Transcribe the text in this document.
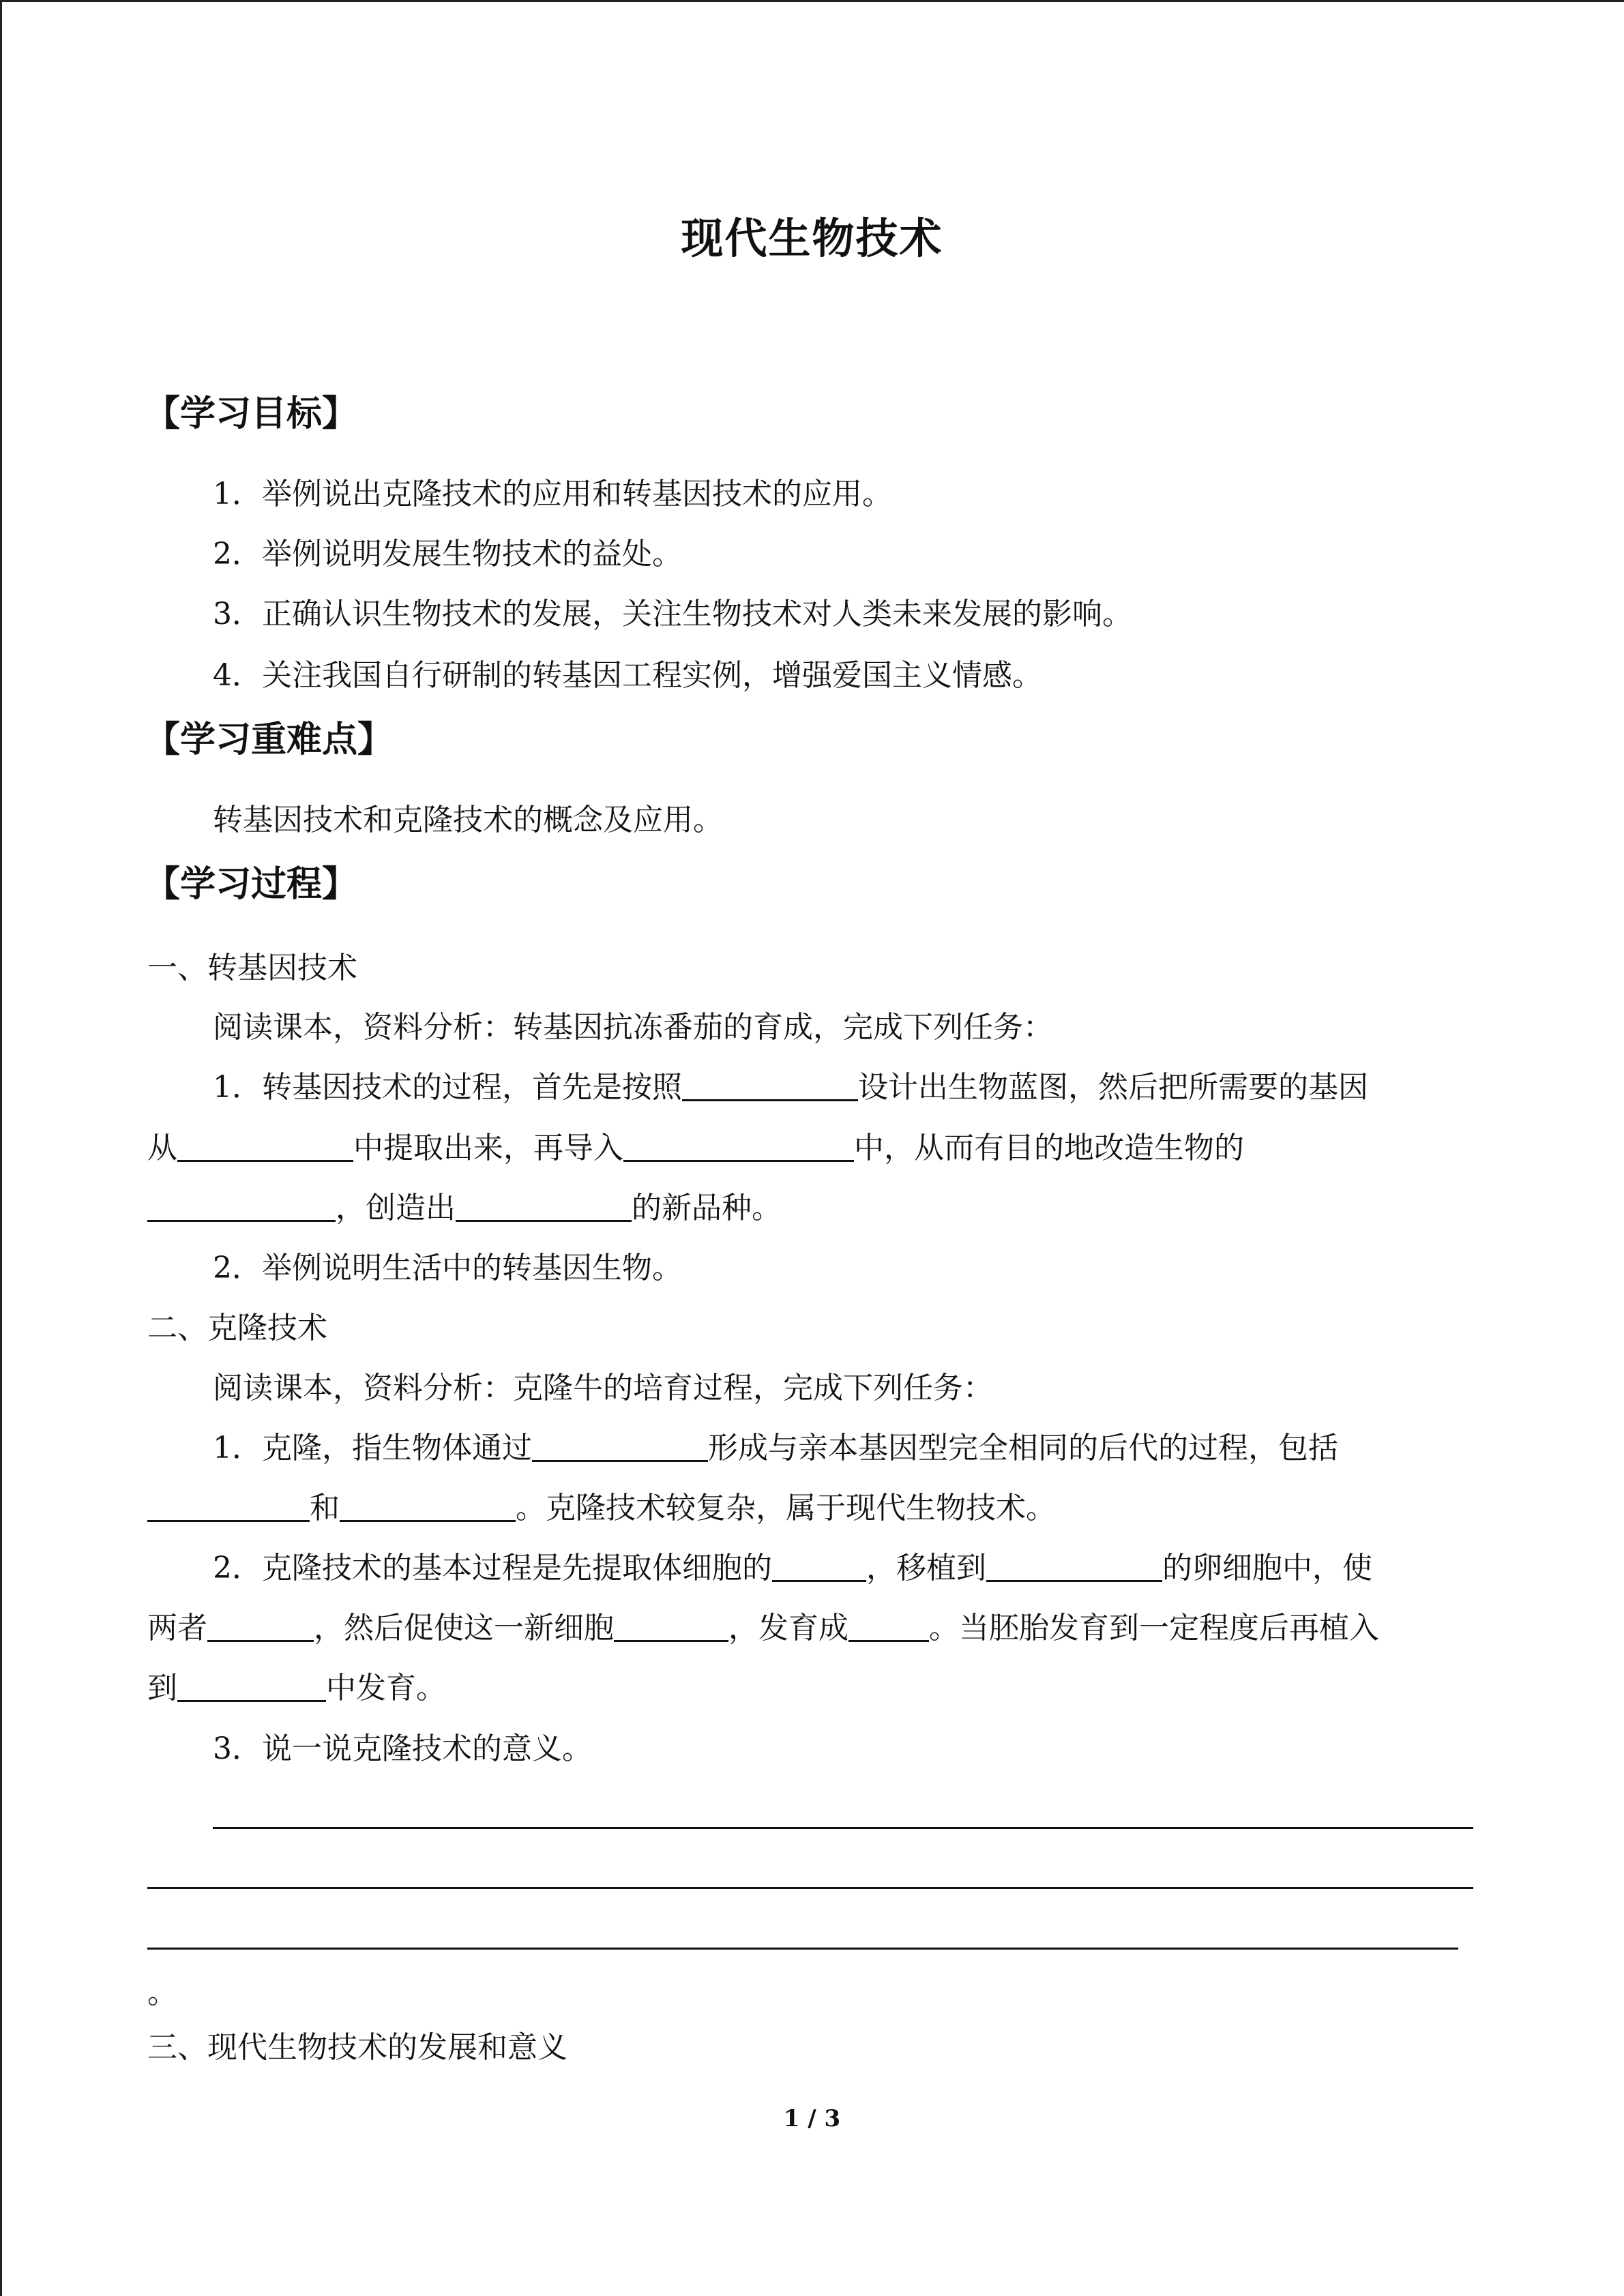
现代生物技术
【学习目标】
1．举例说出克隆技术的应用和转基因技术的应用。
2．举例说明发展生物技术的益处。
3．正确认识生物技术的发展，关注生物技术对人类未来发展的影响。
4．关注我国自行研制的转基因工程实例，增强爱国主义情感。
【学习重难点】
转基因技术和克隆技术的概念及应用。
【学习过程】
一、转基因技术
阅读课本，资料分析：转基因抗冻番茄的育成，完成下列任务：
1．转基因技术的过程，首先是按照	设计出生物蓝图，然后把所需要的基因
从	中提取出来，再导入	中，从而有目的地改造生物的
，创造出	的新品种。
2．举例说明生活中的转基因生物。
二、克隆技术
阅读课本，资料分析：克隆牛的培育过程，完成下列任务：
1．克隆，指生物体通过	形成与亲本基因型完全相同的后代的过程，包括
和	。克隆技术较复杂，属于现代生物技术。
2．克隆技术的基本过程是先提取体细胞的	，移植到	的卵细胞中，使
两者	，然后促使这一新细胞	，发育成	。当胚胎发育到一定程度后再植入
到	中发育。
3．说一说克隆技术的意义。
。
三、现代生物技术的发展和意义
1 / 3
